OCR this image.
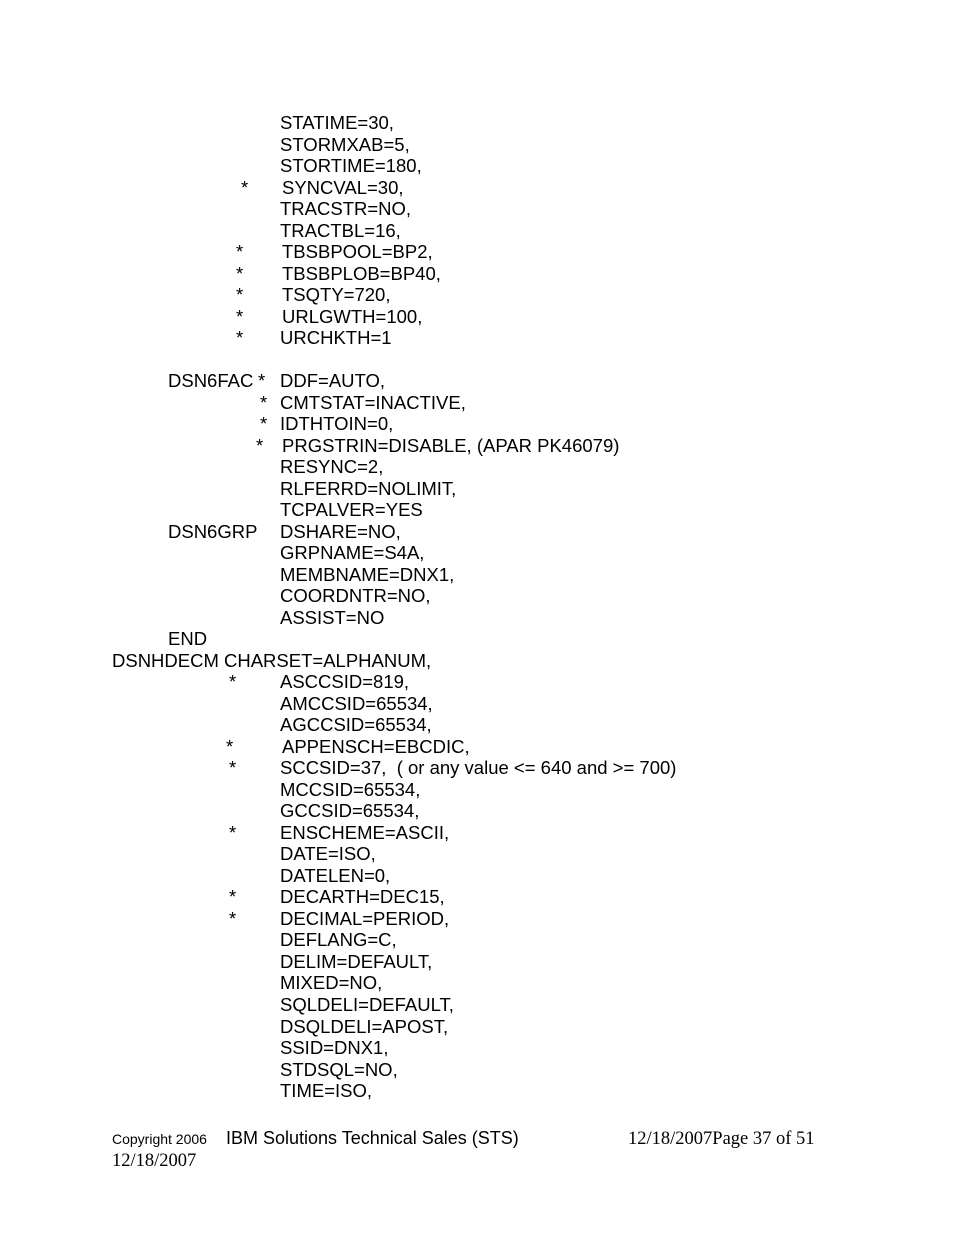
STATIME=30,
STORMXAB=5,
STORTIME=180,
* SYNCVAL=30,
TRACSTR=NO,
TRACTBL=16,
* TBSBPOOL=BP2,
* TBSBPLOB=BP40,
* TSQTY=720,
* URLGWTH=100,
* URCHKTH=1
DSN6FAC * DDF=AUTO,
* CMTSTAT=INACTIVE,
* IDTHTOIN=0,
* PRGSTRIN=DISABLE, (APAR PK46079)
RESYNC=2,
RLFERRD=NOLIMIT,
TCPALVER=YES
DSN6GRP DSHARE=NO,
GRPNAME=S4A,
MEMBNAME=DNX1,
COORDNTR=NO,
ASSIST=NO
END
DSNHDECM CHARSET=ALPHANUM,
* ASCCSID=819,
AMCCSID=65534,
AGCCSID=65534,
*	APPENSCH=EBCDIC,
* SCCSID=37,  ( or any value <= 640 and >= 700)
MCCSID=65534,
GCCSID=65534,
* ENSCHEME=ASCII,
DATE=ISO,
DATELEN=0,
* DECARTH=DEC15,
* DECIMAL=PERIOD,
DEFLANG=C,
DELIM=DEFAULT,
MIXED=NO,
SQLDELI=DEFAULT,
DSQLDELI=APOST,
SSID=DNX1,
STDSQL=NO,
TIME=ISO,
Copyright 2006 IBM Solutions Technical Sales (STS)	12/18/2007Page 37 of 51
12/18/2007
